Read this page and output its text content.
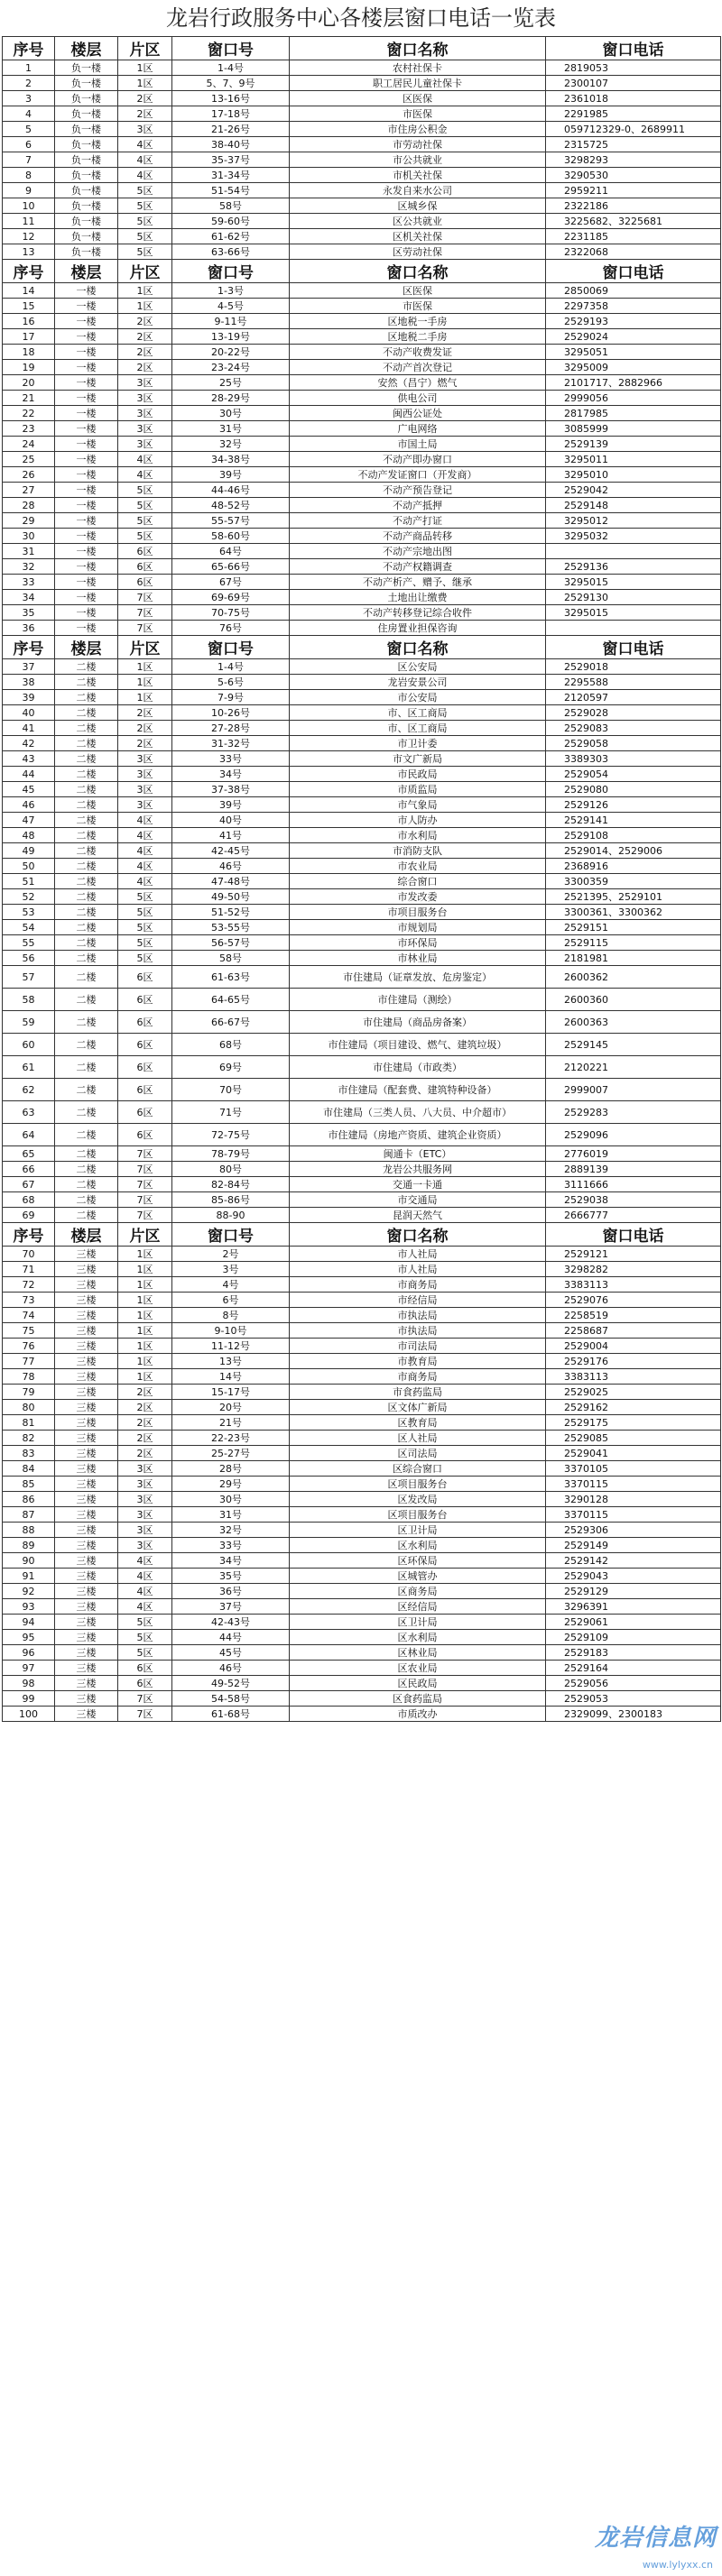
龙岩行政服务中心各楼层窗口电话一览表
序号	楼层	片区	窗口号	窗口名称	窗口电话
1	负一楼	1区	1-4号	农村社保卡	2819053
2	负一楼	1区	5、7、9号	职工居民儿童社保卡	2300107
3	负一楼	2区	13-16号	区医保	2361018
4	负一楼	2区	17-18号	市医保	2291985
5	负一楼	3区	21-26号	市住房公积金	059712329-0、2689911
6	负一楼	4区	38-40号	市劳动社保	2315725
7	负一楼	4区	35-37号	市公共就业	3298293
8	负一楼	4区	31-34号	市机关社保	3290530
9	负一楼	5区	51-54号	永发自来水公司	2959211
10	负一楼	5区	58号	区城乡保	2322186
11	负一楼	5区	59-60号	区公共就业	3225682、3225681
12	负一楼	5区	61-62号	区机关社保	2231185
13	负一楼	5区	63-66号	区劳动社保	2322068
序号	楼层	片区	窗口号	窗口名称	窗口电话
14	一楼	1区	1-3号	区医保	2850069
15	一楼	1区	4-5号	市医保	2297358
16	一楼	2区	9-11号	区地税一手房	2529193
17	一楼	2区	13-19号	区地税二手房	2529024
18	一楼	2区	20-22号	不动产收费发证	3295051
19	一楼	2区	23-24号	不动产首次登记	3295009
20	一楼	3区	25号	安然（昌宁）燃气	2101717、2882966
21	一楼	3区	28-29号	供电公司	2999056
22	一楼	3区	30号	闽西公证处	2817985
23	一楼	3区	31号	广电网络	3085999
24	一楼	3区	32号	市国土局	2529139
25	一楼	4区	34-38号	不动产即办窗口	3295011
26	一楼	4区	39号	不动产发证窗口（开发商）	3295010
27	一楼	5区	44-46号	不动产预告登记	2529042
28	一楼	5区	48-52号	不动产抵押	2529148
29	一楼	5区	55-57号	不动产打证	3295012
30	一楼	5区	58-60号	不动产商品转移	3295032
31	一楼	6区	64号	不动产宗地出图	
32	一楼	6区	65-66号	不动产权籍调查	2529136
33	一楼	6区	67号	不动产析产、赠予、继承	3295015
34	一楼	7区	69-69号	土地出让缴费	2529130
35	一楼	7区	70-75号	不动产转移登记综合收件	3295015
36	一楼	7区	76号	住房置业担保咨询	
序号	楼层	片区	窗口号	窗口名称	窗口电话
37	二楼	1区	1-4号	区公安局	2529018
38	二楼	1区	5-6号	龙岩安景公司	2295588
39	二楼	1区	7-9号	市公安局	2120597
40	二楼	2区	10-26号	市、区工商局	2529028
41	二楼	2区	27-28号	市、区工商局	2529083
42	二楼	2区	31-32号	市卫计委	2529058
43	二楼	3区	33号	市文广新局	3389303
44	二楼	3区	34号	市民政局	2529054
45	二楼	3区	37-38号	市质监局	2529080
46	二楼	3区	39号	市气象局	2529126
47	二楼	4区	40号	市人防办	2529141
48	二楼	4区	41号	市水利局	2529108
49	二楼	4区	42-45号	市消防支队	2529014、2529006
50	二楼	4区	46号	市农业局	2368916
51	二楼	4区	47-48号	综合窗口	3300359
52	二楼	5区	49-50号	市发改委	2521395、2529101
53	二楼	5区	51-52号	市项目服务台	3300361、3300362
54	二楼	5区	53-55号	市规划局	2529151
55	二楼	5区	56-57号	市环保局	2529115
56	二楼	5区	58号	市林业局	2181981
57	二楼	6区	61-63号	市住建局（证章发放、危房鉴定）	2600362
58	二楼	6区	64-65号	市住建局（测绘）	2600360
59	二楼	6区	66-67号	市住建局（商品房备案）	2600363
60	二楼	6区	68号	市住建局（项目建设、燃气、建筑垃圾）	2529145
61	二楼	6区	69号	市住建局（市政类）	2120221
62	二楼	6区	70号	市住建局（配套费、建筑特种设备）	2999007
63	二楼	6区	71号	市住建局（三类人员、八大员、中介超市）	2529283
64	二楼	6区	72-75号	市住建局（房地产资质、建筑企业资质）	2529096
65	二楼	7区	78-79号	闽通卡（ETC）	2776019
66	二楼	7区	80号	龙岩公共服务网	2889139
67	二楼	7区	82-84号	交通一卡通	3111666
68	二楼	7区	85-86号	市交通局	2529038
69	二楼	7区	88-90	昆润天然气	2666777
序号	楼层	片区	窗口号	窗口名称	窗口电话
70	三楼	1区	2号	市人社局	2529121
71	三楼	1区	3号	市人社局	3298282
72	三楼	1区	4号	市商务局	3383113
73	三楼	1区	6号	市经信局	2529076
74	三楼	1区	8号	市执法局	2258519
75	三楼	1区	9-10号	市执法局	2258687
76	三楼	1区	11-12号	市司法局	2529004
77	三楼	1区	13号	市教育局	2529176
78	三楼	1区	14号	市商务局	3383113
79	三楼	2区	15-17号	市食药监局	2529025
80	三楼	2区	20号	区文体广新局	2529162
81	三楼	2区	21号	区教育局	2529175
82	三楼	2区	22-23号	区人社局	2529085
83	三楼	2区	25-27号	区司法局	2529041
84	三楼	3区	28号	区综合窗口	3370105
85	三楼	3区	29号	区项目服务台	3370115
86	三楼	3区	30号	区发改局	3290128
87	三楼	3区	31号	区项目服务台	3370115
88	三楼	3区	32号	区卫计局	2529306
89	三楼	3区	33号	区水利局	2529149
90	三楼	4区	34号	区环保局	2529142
91	三楼	4区	35号	区城管办	2529043
92	三楼	4区	36号	区商务局	2529129
93	三楼	4区	37号	区经信局	3296391
94	三楼	5区	42-43号	区卫计局	2529061
95	三楼	5区	44号	区水利局	2529109
96	三楼	5区	45号	区林业局	2529183
97	三楼	6区	46号	区农业局	2529164
98	三楼	6区	49-52号	区民政局	2529056
99	三楼	7区	54-58号	区食药监局	2529053
100	三楼	7区	61-68号	市质改办	2329099、2300183
龙岩信息网
www.lylyxx.cn
